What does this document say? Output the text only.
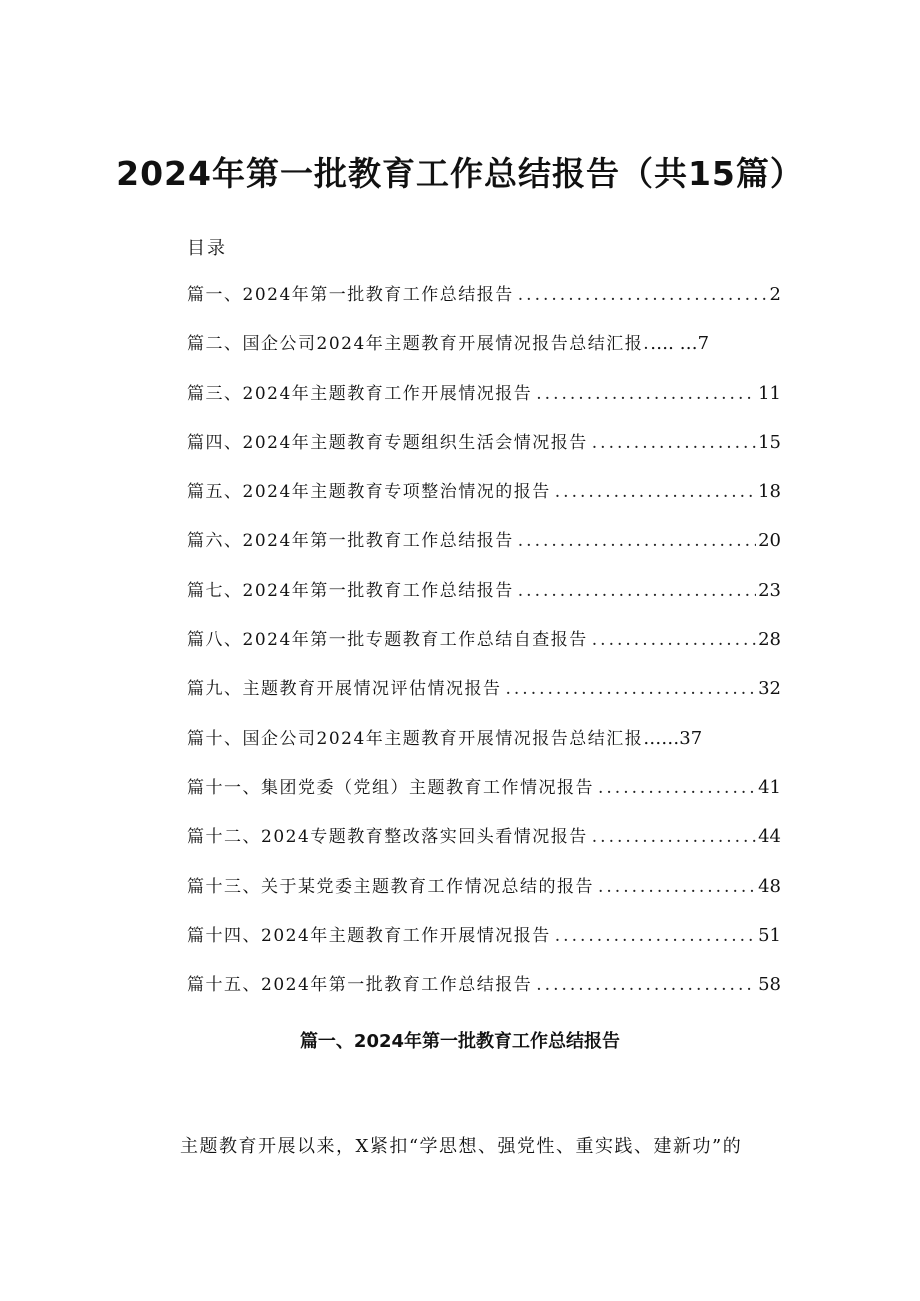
2024年第一批教育工作总结报告（共15篇）
目录
篇一、2024年第一批教育工作总结报告 .....	2
篇二、国企公司2024年主题教育开展情况报告总结汇报. …. …7
篇三、2024年主题教育工作开展情况报告 .....	11
篇四、2024年主题教育专题组织生活会情况报告 .....	15
篇五、2024年主题教育专项整治情况的报告 .....	18
篇六、2024年第一批教育工作总结报告 .....	20
篇七、2024年第一批教育工作总结报告 .....	23
篇八、2024年第一批专题教育工作总结自查报告 .....	28
篇九、主题教育开展情况评估情况报告 .....	32
篇十、国企公司2024年主题教育开展情况报告总结汇报 ……37
篇十一、集团党委（党组）主题教育工作情况报告 .....	41
篇十二、2024专题教育整改落实回头看情况报告 .....	44
篇十三、关于某党委主题教育工作情况总结的报告 .....	48
篇十四、2024年主题教育工作开展情况报告 .....	51
篇十五、2024年第一批教育工作总结报告 .....	58
篇一、2024年第一批教育工作总结报告

主题教育开展以来，X紧扣“学思想、强党性、重实践、建新功”的
